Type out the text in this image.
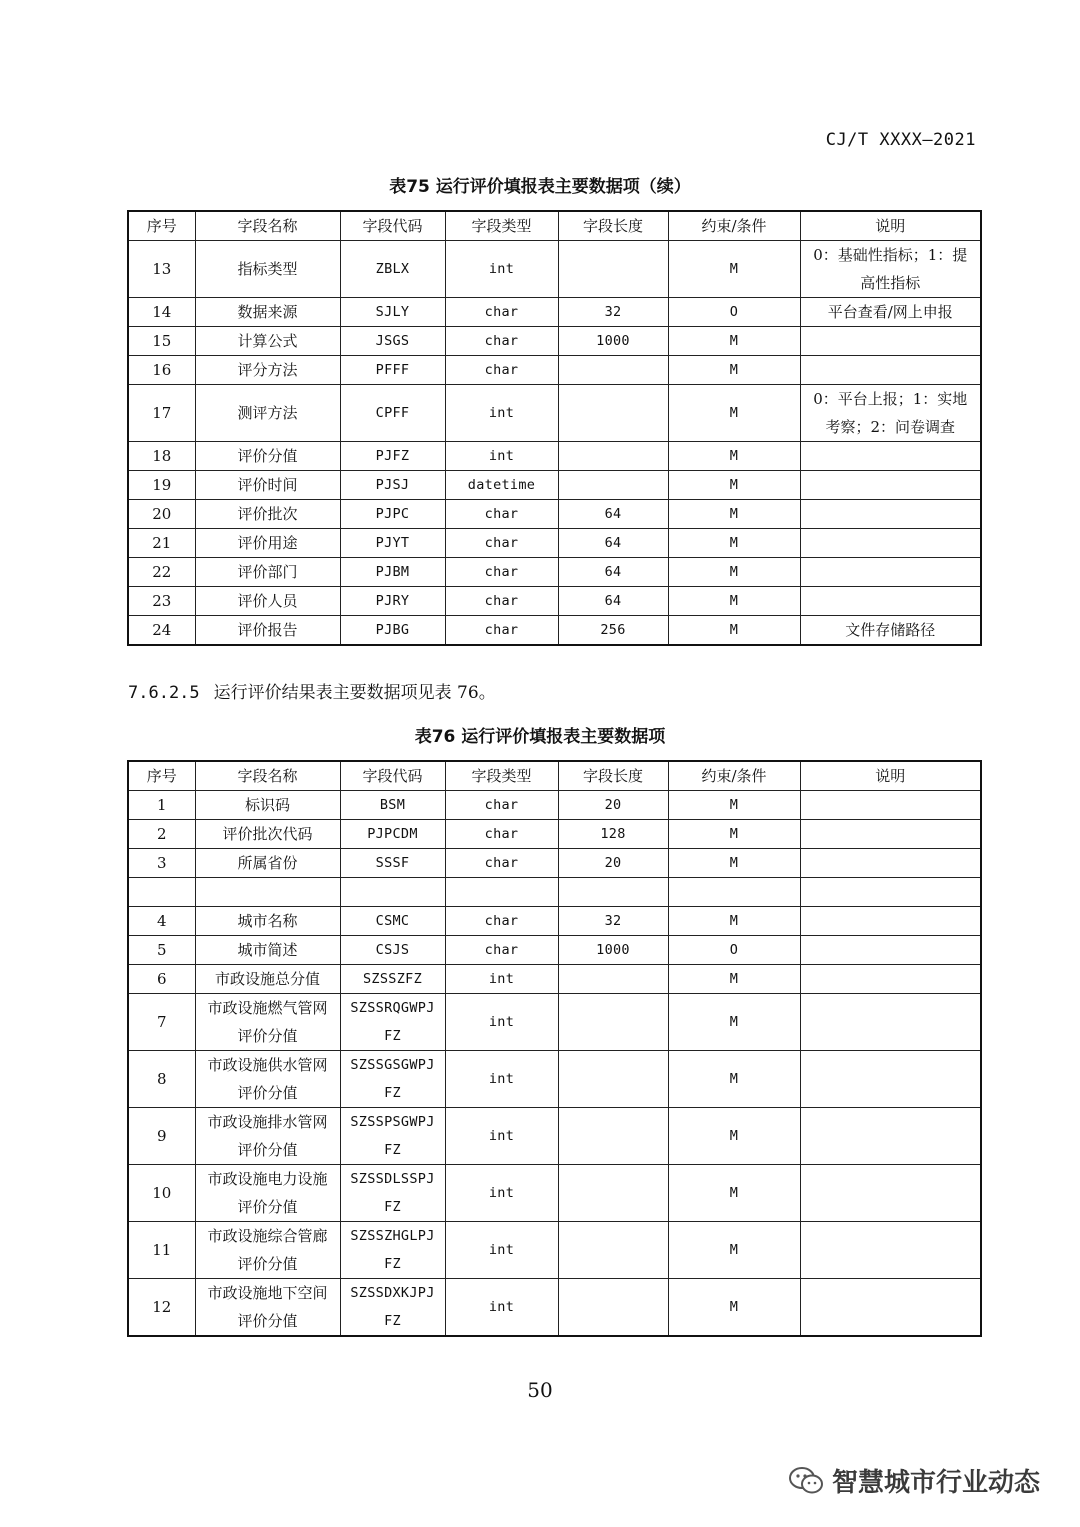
CJ/T XXXX—2021
表75 运行评价填报表主要数据项（续）
序号	字段名称	字段代码	字段类型	字段长度	约束/条件	说明
13	指标类型	ZBLX	int		M	0：基础性指标；1：提高性指标
14	数据来源	SJLY	char	32	O	平台查看/网上申报
15	计算公式	JSGS	char	1000	M	
16	评分方法	PFFF	char		M	
17	测评方法	CPFF	int		M	0：平台上报；1：实地考察；2：问卷调查
18	评价分值	PJFZ	int		M	
19	评价时间	PJSJ	datetime		M	
20	评价批次	PJPC	char	64	M	
21	评价用途	PJYT	char	64	M	
22	评价部门	PJBM	char	64	M	
23	评价人员	PJRY	char	64	M	
24	评价报告	PJBG	char	256	M	文件存储路径
7.6.2.5 运行评价结果表主要数据项见表 76。
表76 运行评价填报表主要数据项
序号	字段名称	字段代码	字段类型	字段长度	约束/条件	说明
1	标识码	BSM	char	20	M	
2	评价批次代码	PJPCDM	char	128	M	
3	所属省份	SSSF	char	20	M	

4	城市名称	CSMC	char	32	M	
5	城市简述	CSJS	char	1000	O	
6	市政设施总分值	SZSSZFZ	int		M	
7	市政设施燃气管网评价分值	SZSSRQGWPJFZ	int		M	
8	市政设施供水管网评价分值	SZSSGSGWPJFZ	int		M	
9	市政设施排水管网评价分值	SZSSPSGWPJFZ	int		M	
10	市政设施电力设施评价分值	SZSSDLSSPJFZ	int		M	
11	市政设施综合管廊评价分值	SZSSZHGLPJFZ	int		M	
12	市政设施地下空间评价分值	SZSSDXKJPJFZ	int		M	
50
智慧城市行业动态
